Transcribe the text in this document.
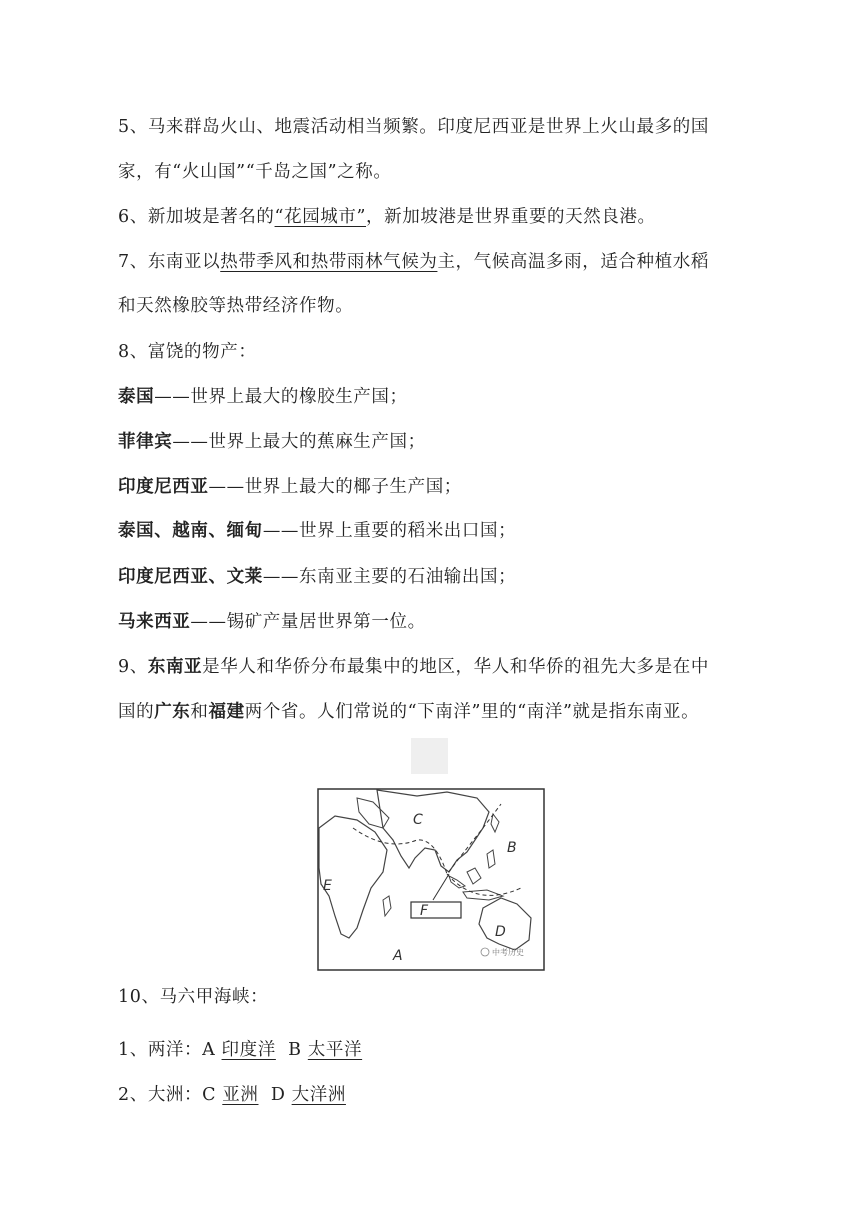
5、马来群岛火山、地震活动相当频繁。印度尼西亚是世界上火山最多的国
家，有“火山国”“千岛之国”之称。
6、新加坡是著名的“花园城市”，新加坡港是世界重要的天然良港。
7、东南亚以热带季风和热带雨林气候为主，气候高温多雨，适合种植水稻
和天然橡胶等热带经济作物。
8、富饶的物产：
泰国——世界上最大的橡胶生产国；
菲律宾——世界上最大的蕉麻生产国；
印度尼西亚——世界上最大的椰子生产国；
泰国、越南、缅甸——世界上重要的稻米出口国；
印度尼西亚、文莱——东南亚主要的石油输出国；
马来西亚——锡矿产量居世界第一位。
9、东南亚是华人和华侨分布最集中的地区，华人和华侨的祖先大多是在中
国的广东和福建两个省。人们常说的“下南洋”里的“南洋”就是指东南亚。
F
C
B
E
D
A	中考历史
10、马六甲海峡：
1、两洋：A 印度洋  B 太平洋
2、大洲：C 亚洲  D 大洋洲
